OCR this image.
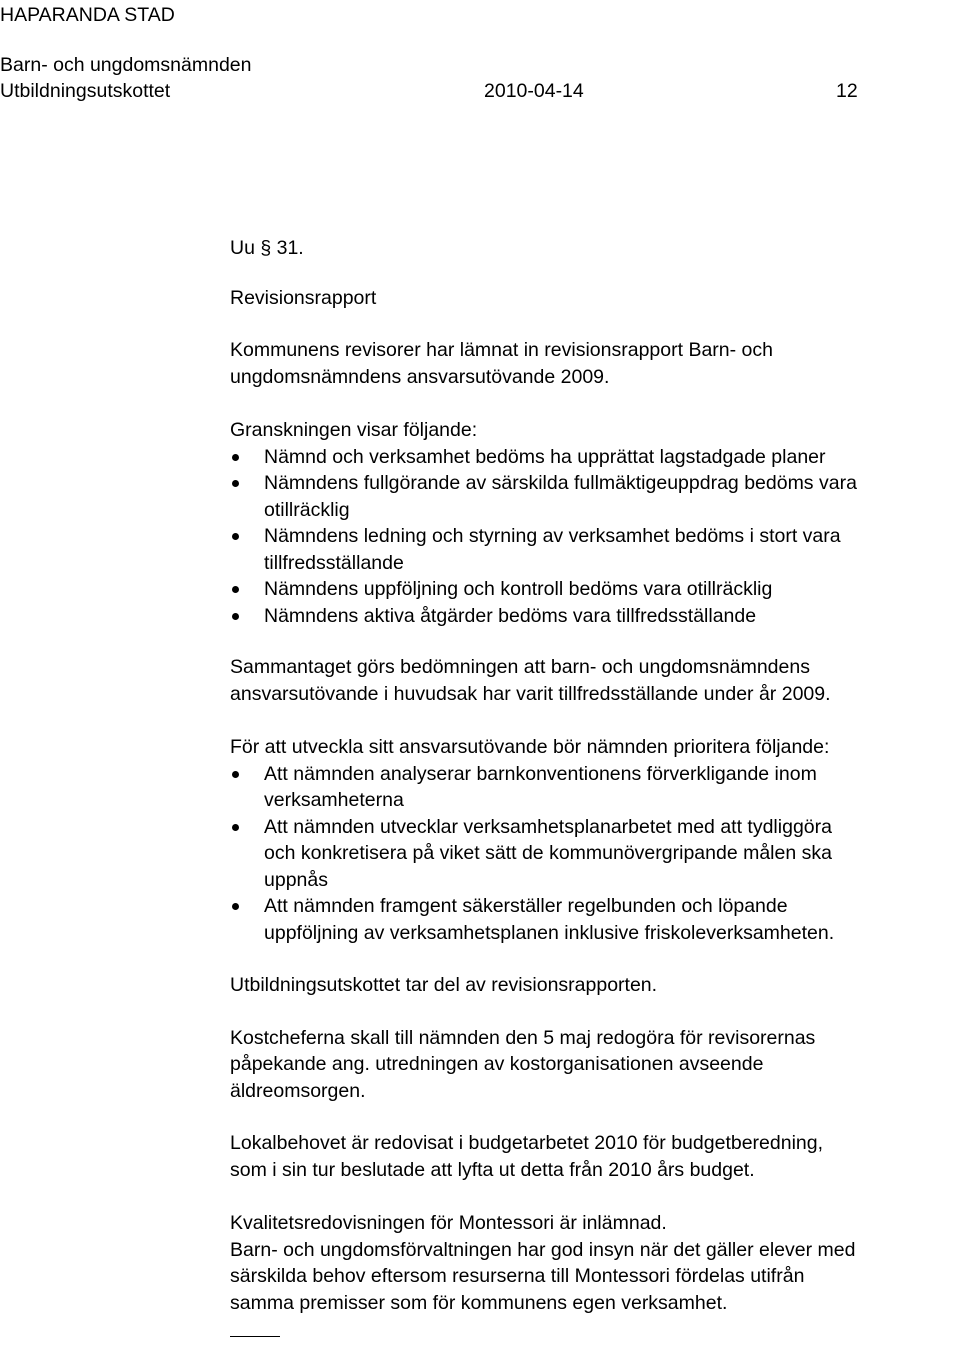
HAPARANDA STAD
Barn- och ungdomsnämnden
Utbildningsutskottet	2010-04-14	12
Uu § 31.
Revisionsrapport

Kommunens revisorer har lämnat in revisionsrapport Barn- och

ungdomsnämndens ansvarsutövande 2009.

Granskningen visar följande:

Nämnd och verksamhet bedöms ha upprättat lagstadgade planer
Nämndens fullgörande av särskilda fullmäktigeuppdrag bedöms vara
otillräcklig
Nämndens ledning och styrning av verksamhet bedöms i stort vara
tillfredsställande
Nämndens uppföljning och kontroll bedöms vara otillräcklig
Nämndens aktiva åtgärder bedöms vara tillfredsställande

Sammantaget görs bedömningen att barn- och ungdomsnämndens

ansvarsutövande i huvudsak har varit tillfredsställande under år 2009.

För att utveckla sitt ansvarsutövande bör nämnden prioritera följande:

Att nämnden analyserar barnkonventionens förverkligande inom
verksamheterna
Att nämnden utvecklar verksamhetsplanarbetet med att tydliggöra
och konkretisera på viket sätt de kommunövergripande målen ska
uppnås
Att nämnden framgent säkerställer regelbunden och löpande
uppföljning av verksamhetsplanen inklusive friskoleverksamheten.

Utbildningsutskottet tar del av revisionsrapporten.

Kostcheferna skall till nämnden den 5 maj redogöra för revisorernas

påpekande ang. utredningen av kostorganisationen avseende

äldreomsorgen.

Lokalbehovet är redovisat i budgetarbetet 2010 för budgetberedning,

som i sin tur beslutade att lyfta ut detta från 2010 års budget.

Kvalitetsredovisningen för Montessori är inlämnad.

Barn- och ungdomsförvaltningen har god insyn när det gäller elever med

särskilda behov eftersom resurserna till Montessori fördelas utifrån

samma premisser som för kommunens egen verksamhet.
